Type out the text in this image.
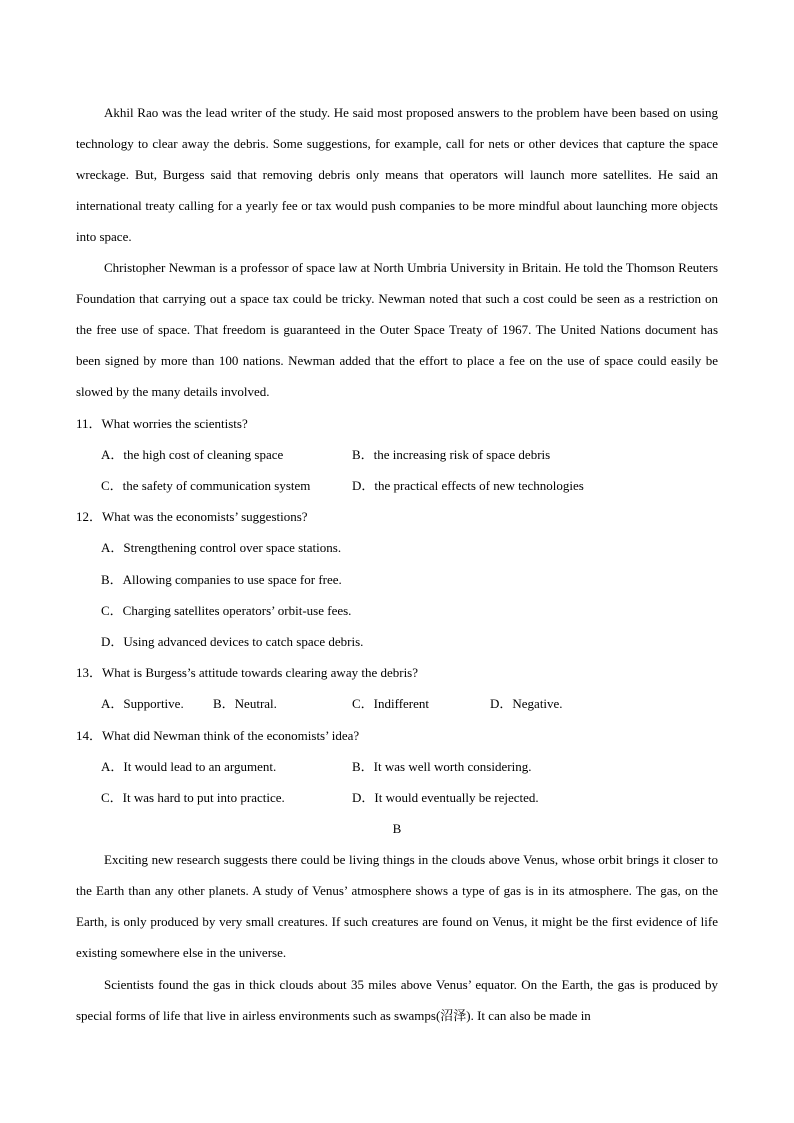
Akhil Rao was the lead writer of the study. He said most proposed answers to the problem have been based on using technology to clear away the debris. Some suggestions, for example, call for nets or other devices that capture the space wreckage. But, Burgess said that removing debris only means that operators will launch more satellites. He said an international treaty calling for a yearly fee or tax would push companies to be more mindful about launching more objects into space.

Christopher Newman is a professor of space law at North Umbria University in Britain. He told the Thomson Reuters Foundation that carrying out a space tax could be tricky. Newman noted that such a cost could be seen as a restriction on the free use of space. That freedom is guaranteed in the Outer Space Treaty of 1967. The United Nations document has been signed by more than 100 nations. Newman added that the effort to place a fee on the use of space could easily be slowed by the many details involved.

11．What worries the scientists?
A．the high cost of cleaning space	B．the increasing risk of space debris
C．the safety of communication system	D．the practical effects of new technologies
12．What was the economists’ suggestions?
A．Strengthening control over space stations.
B．Allowing companies to use space for free.
C．Charging satellites operators’ orbit-use fees.
D．Using advanced devices to catch space debris.
13．What is Burgess’s attitude towards clearing away the debris?
A．Supportive. B．Neutral.	C．Indifferent	D．Negative.
14．What did Newman think of the economists’ idea?
A．It would lead to an argument.	B．It was well worth considering.
C．It was hard to put into practice.	D．It would eventually be rejected.
B

Exciting new research suggests there could be living things in the clouds above Venus, whose orbit brings it closer to the Earth than any other planets. A study of Venus’ atmosphere shows a type of gas is in its atmosphere. The gas, on the Earth, is only produced by very small creatures. If such creatures are found on Venus, it might be the first evidence of life existing somewhere else in the universe.

Scientists found the gas in thick clouds about 35 miles above Venus’ equator. On the Earth, the gas is produced by special forms of life that live in airless environments such as swamps(沼泽). It can also be made in
